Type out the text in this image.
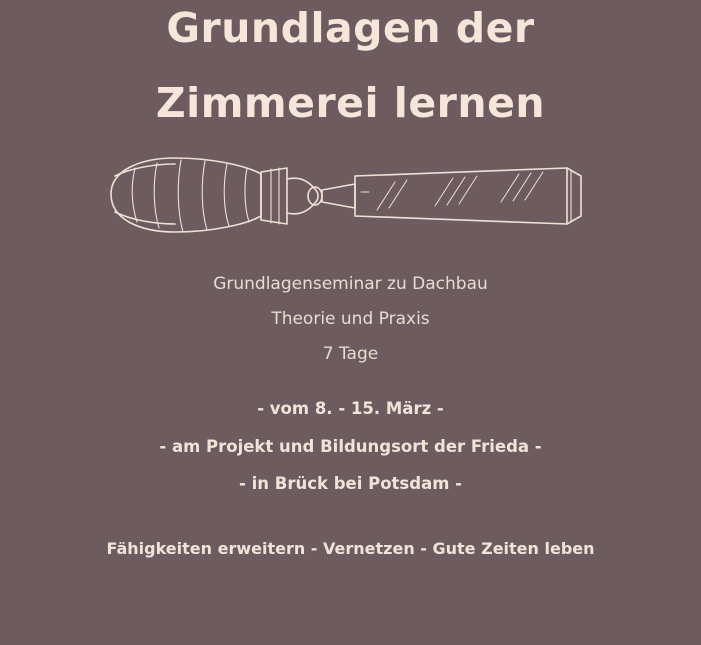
Grundlagen der
Zimmerei lernen
Grundlagenseminar zu Dachbau
Theorie und Praxis
7 Tage
- vom 8. - 15. März -
- am Projekt und Bildungsort der Frieda -
- in Brück bei Potsdam -
Fähigkeiten erweitern - Vernetzen - Gute Zeiten leben
